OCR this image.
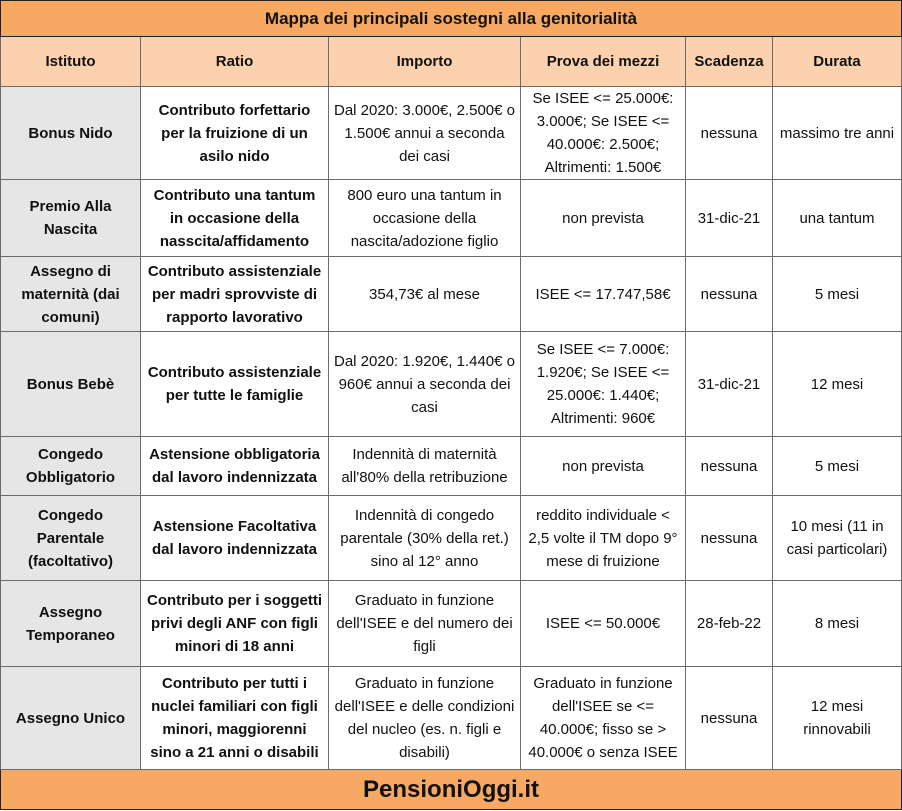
Mappa dei principali sostegni alla genitorialità					
Istituto	Ratio	Importo	Prova dei mezzi	Scadenza	Durata
Bonus Nido	Contributo forfettario per la fruizione di un asilo nido	Dal 2020: 3.000€, 2.500€ o 1.500€ annui a seconda dei casi	Se ISEE <= 25.000€: 3.000€; Se ISEE <= 40.000€: 2.500€; Altrimenti: 1.500€	nessuna	massimo tre anni
Premio Alla Nascita	Contributo una tantum in occasione della nasscita/affidamento	800 euro una tantum in occasione della nascita/adozione figlio	non prevista	31-dic-21	una tantum
Assegno di maternità (dai comuni)	Contributo assistenziale per madri sprovviste di rapporto lavorativo	354,73€ al mese	ISEE <= 17.747,58€	nessuna	5 mesi
Bonus Bebè	Contributo assistenziale per tutte le famiglie	Dal 2020: 1.920€, 1.440€ o 960€ annui a seconda dei casi	Se ISEE <= 7.000€: 1.920€; Se ISEE <= 25.000€: 1.440€; Altrimenti: 960€	31-dic-21	12 mesi
Congedo Obbligatorio	Astensione obbligatoria dal lavoro indennizzata	Indennità di maternità all'80% della retribuzione	non prevista	nessuna	5 mesi
Congedo Parentale (facoltativo)	Astensione Facoltativa dal lavoro indennizzata	Indennità di congedo parentale (30% della ret.) sino al 12° anno	reddito individuale < 2,5 volte il TM dopo 9° mese di fruizione	nessuna	10 mesi (11 in casi particolari)
Assegno Temporaneo	Contributo per i soggetti privi degli ANF con figli minori di 18 anni	Graduato in funzione dell'ISEE e del numero dei figli	ISEE <= 50.000€	28-feb-22	8 mesi
Assegno Unico	Contributo per tutti i nuclei familiari con figli minori, maggiorenni sino a 21 anni o disabili	Graduato in funzione dell'ISEE e delle condizioni del nucleo (es. n. figli e disabili)	Graduato in funzione dell'ISEE se <= 40.000€; fisso se > 40.000€ o senza ISEE	nessuna	12 mesi rinnovabili
PensioniOggi.it					
